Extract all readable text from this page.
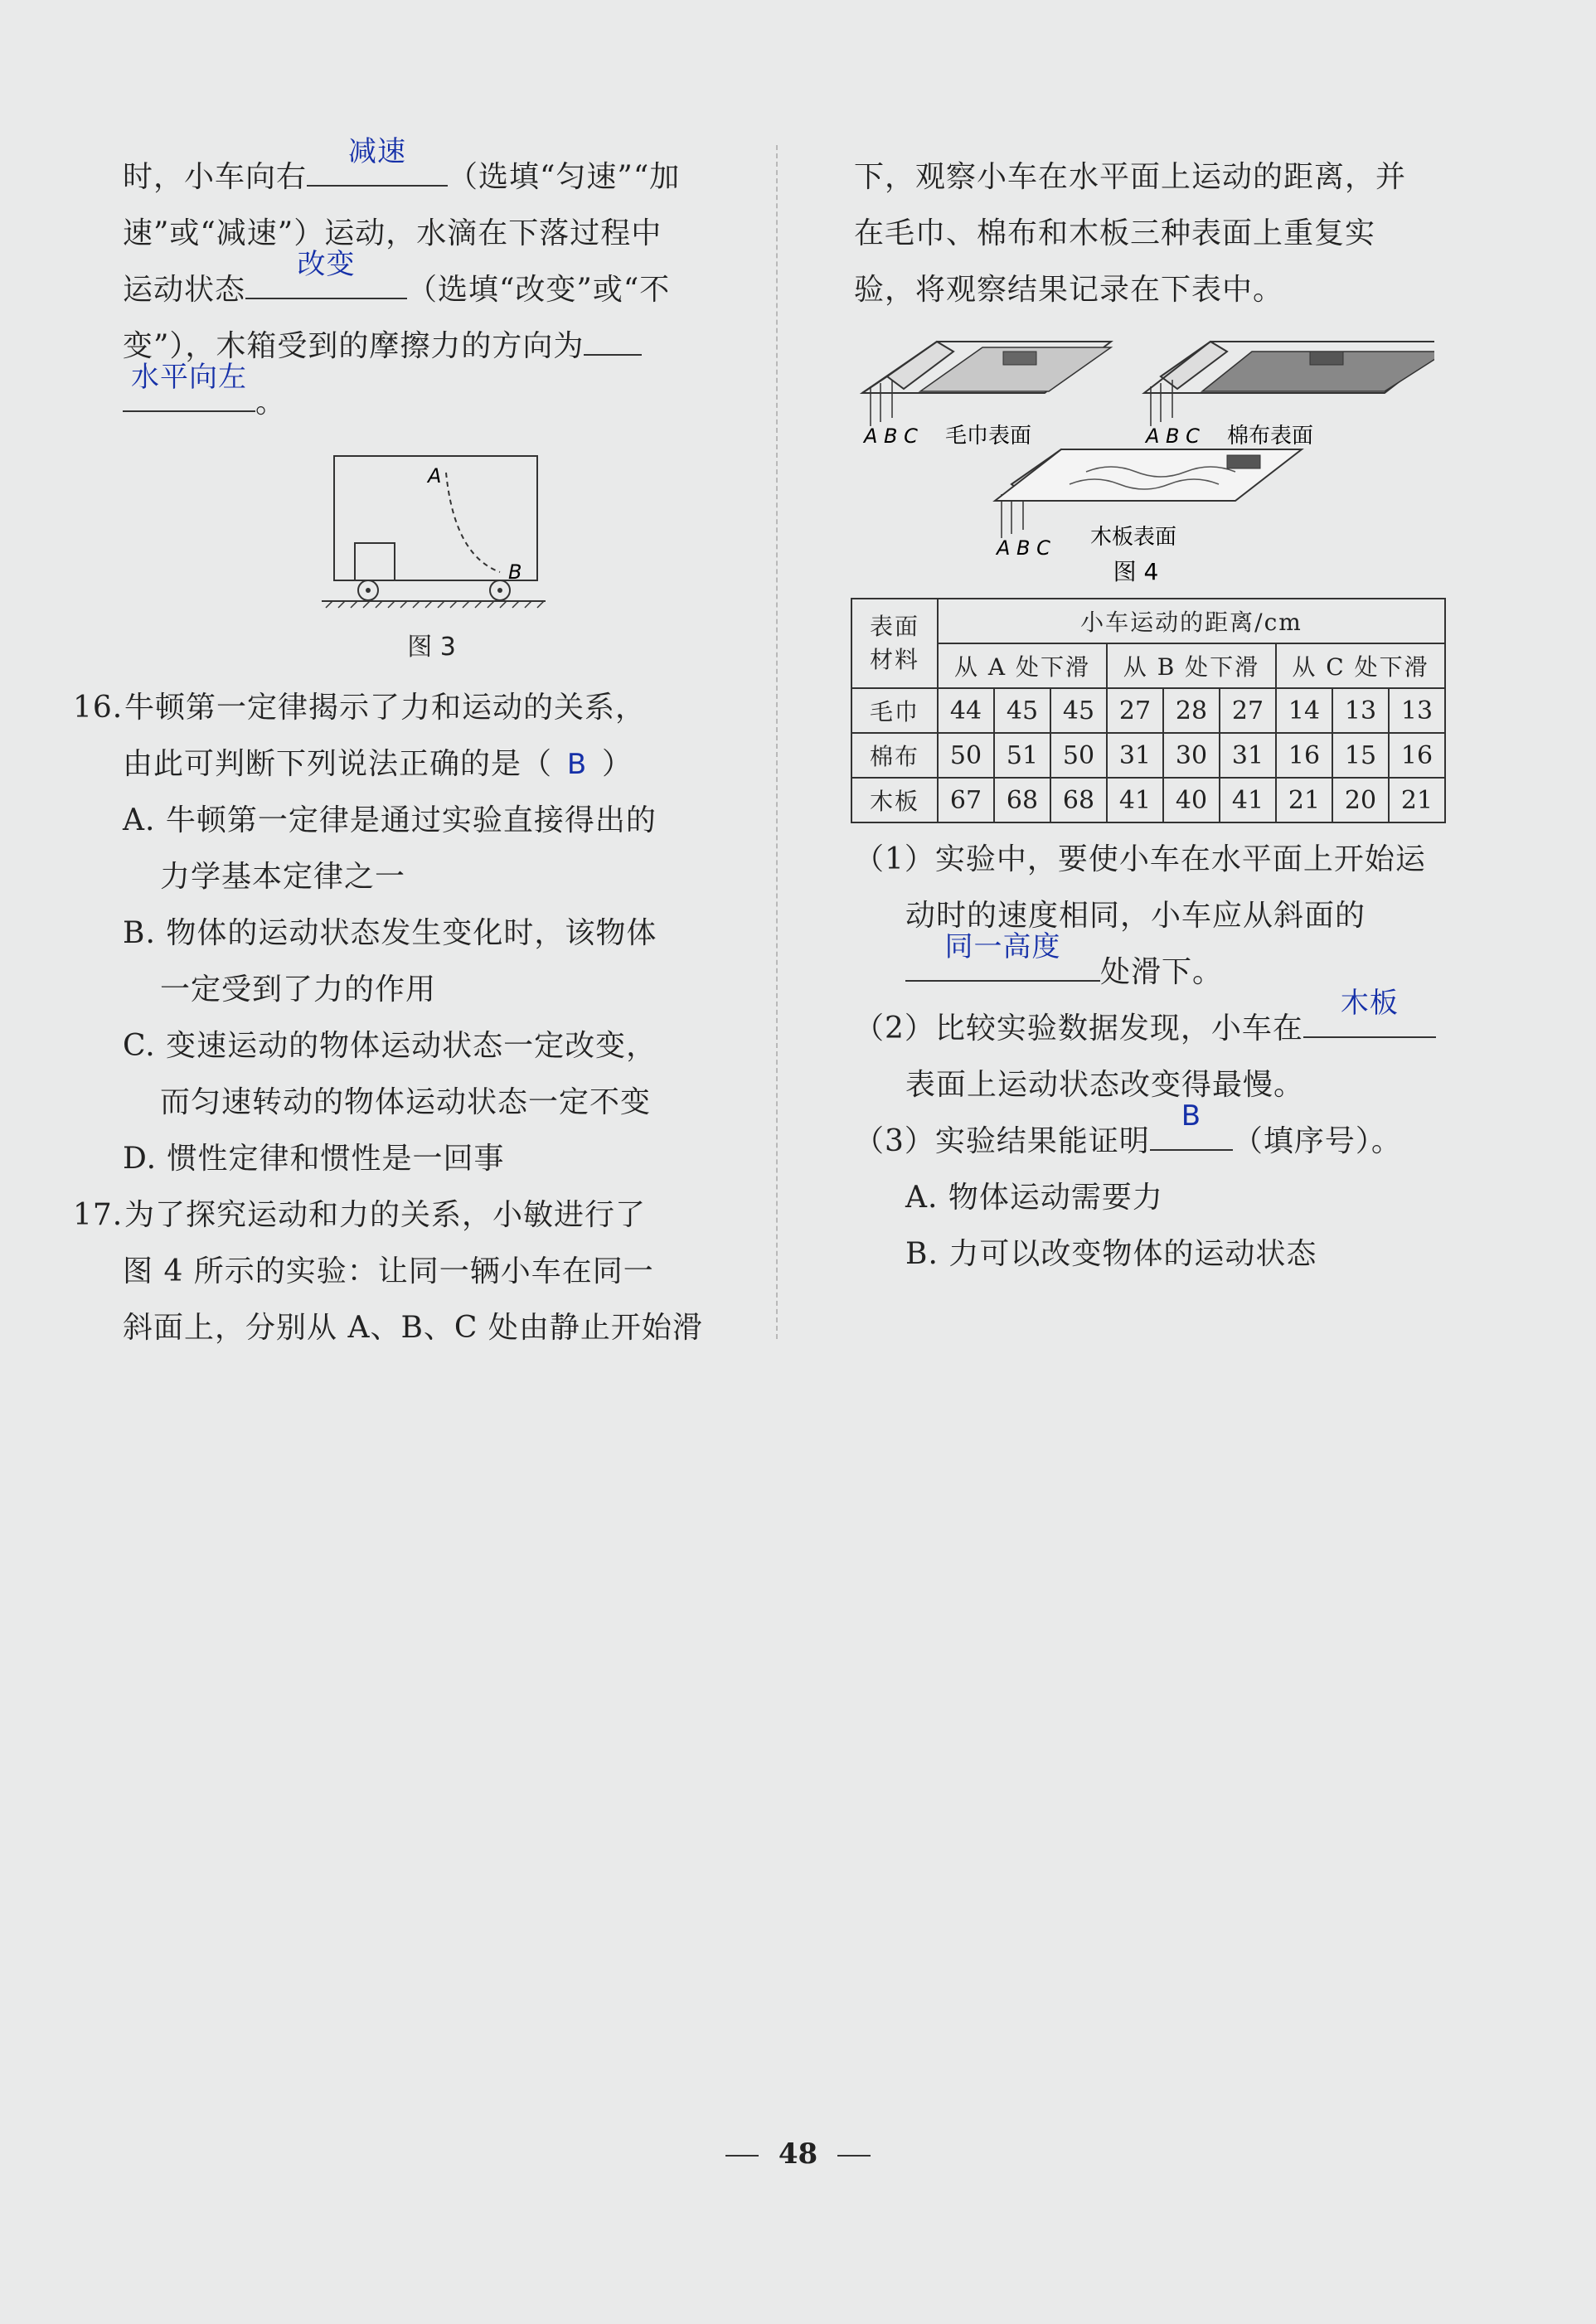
时，小车向右
减速
（选填“匀速”“加

速”或“减速”）运动，水滴在下落过程中

运动状态
改变
（选填“改变”或“不

变”），木箱受到的摩擦力的方向为

水平向左
。

A
B
图 3

16.牛顿第一定律揭示了力和运动的关系，

由此可判断下列说法正确的是（ B ）

A. 牛顿第一定律是通过实验直接得出的

力学基本定律之一

B. 物体的运动状态发生变化时，该物体

一定受到了力的作用

C. 变速运动的物体运动状态一定改变，

而匀速转动的物体运动状态一定不变

D. 惯性定律和惯性是一回事

17.为了探究运动和力的关系，小敏进行了

图 4 所示的实验：让同一辆小车在同一

斜面上，分别从 A、B、C 处由静止开始滑

下，观察小车在水平面上运动的距离，并

在毛巾、棉布和木板三种表面上重复实

验，将观察结果记录在下表中。

A B C 毛巾表面	A B C 棉布表面
A B C 木板表面
图 4
表面
材料	小车运动的距离/cm								
	从 A 处下滑			从 B 处下滑			从 C 处下滑		
毛巾	44	45	45	27	28	27	14	13	13
棉布	50	51	50	31	30	31	16	15	16
木板	67	68	68	41	40	41	21	20	21

（1）实验中，要使小车在水平面上开始运

动时的速度相同，小车应从斜面的

同一高度
处滑下。

（2）比较实验数据发现，小车在
木板

表面上运动状态改变得最慢。

（3）实验结果能证明
B
（填序号）。

A. 物体运动需要力

B. 力可以改变物体的运动状态

48
